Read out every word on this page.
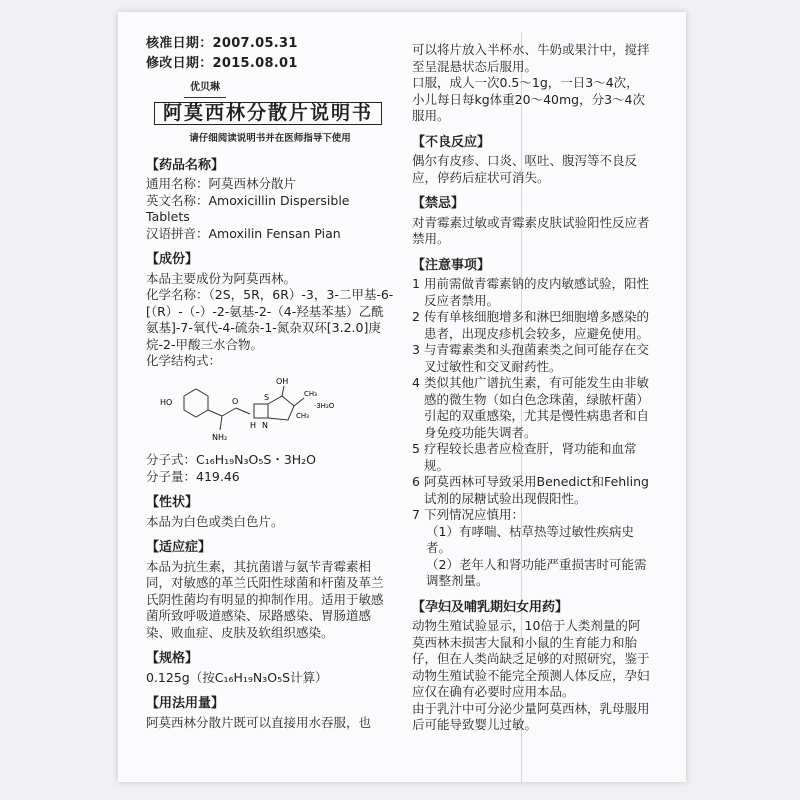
核准日期：2007.05.31
修改日期：2015.08.01
优贝琳
阿莫西林分散片说明书
请仔细阅读说明书并在医师指导下使用
【药品名称】

通用名称：阿莫西林分散片

英文名称：Amoxicillin Dispersible Tablets

汉语拼音：Amoxilin Fensan Pian

【成份】

本品主要成份为阿莫西林。

化学名称：（2S，5R，6R）-3，3-二甲基-6-[（R）-（-）-2-氨基-2-（4-羟基苯基）乙酰氨基]-7-氧代-4-硫杂-1-氮杂双环[3.2.0]庚烷-2-甲酸三水合物。

化学结构式：

HO
NH₂
O
OH
H N
S	CH₃
CH₃
·3H₂O

分子式：C₁₆H₁₉N₃O₅S・3H₂O

分子量：419.46

【性状】

本品为白色或类白色片。

【适应症】

本品为抗生素，其抗菌谱与氨苄青霉素相同，对敏感的革兰氏阳性球菌和杆菌及革兰氏阴性菌均有明显的抑制作用。适用于敏感菌所致呼吸道感染、尿路感染、胃肠道感染、败血症、皮肤及软组织感染。

【规格】

0.125g（按C₁₆H₁₉N₃O₅S计算）

【用法用量】

阿莫西林分散片既可以直接用水吞服，也

可以将片放入半杯水、牛奶或果汁中，搅拌至呈混悬状态后服用。

口服，成人一次0.5～1g，一日3～4次，小儿每日每kg体重20～40mg，分3～4次服用。

【不良反应】

偶尔有皮疹、口炎、呕吐、腹泻等不良反应，停药后症状可消失。

【禁忌】

对青霉素过敏或青霉素皮肤试验阳性反应者禁用。

【注意事项】
1 用前需做青霉素钠的皮内敏感试验，阳性反应者禁用。
2 传有单核细胞增多和淋巴细胞增多感染的患者，出现皮疹机会较多，应避免使用。
3 与青霉素类和头孢菌素类之间可能存在交叉过敏性和交叉耐药性。
4 类似其他广谱抗生素，有可能发生由非敏感的微生物（如白色念珠菌，绿脓杆菌）引起的双重感染，尤其是慢性病患者和自身免疫功能失调者。
5 疗程较长患者应检查肝，肾功能和血常规。
6 阿莫西林可导致采用Benedict和Fehling试剂的尿糖试验出现假阳性。
7 下列情况应慎用：

（1）有哮喘、枯草热等过敏性疾病史者。

（2）老年人和肾功能严重损害时可能需调整剂量。

【孕妇及哺乳期妇女用药】

动物生殖试验显示，10倍于人类剂量的阿莫西林未损害大鼠和小鼠的生育能力和胎仔，但在人类尚缺乏足够的对照研究，鉴于动物生殖试验不能完全预测人体反应，孕妇应仅在确有必要时应用本品。

由于乳汁中可分泌少量阿莫西林，乳母服用后可能导致婴儿过敏。
